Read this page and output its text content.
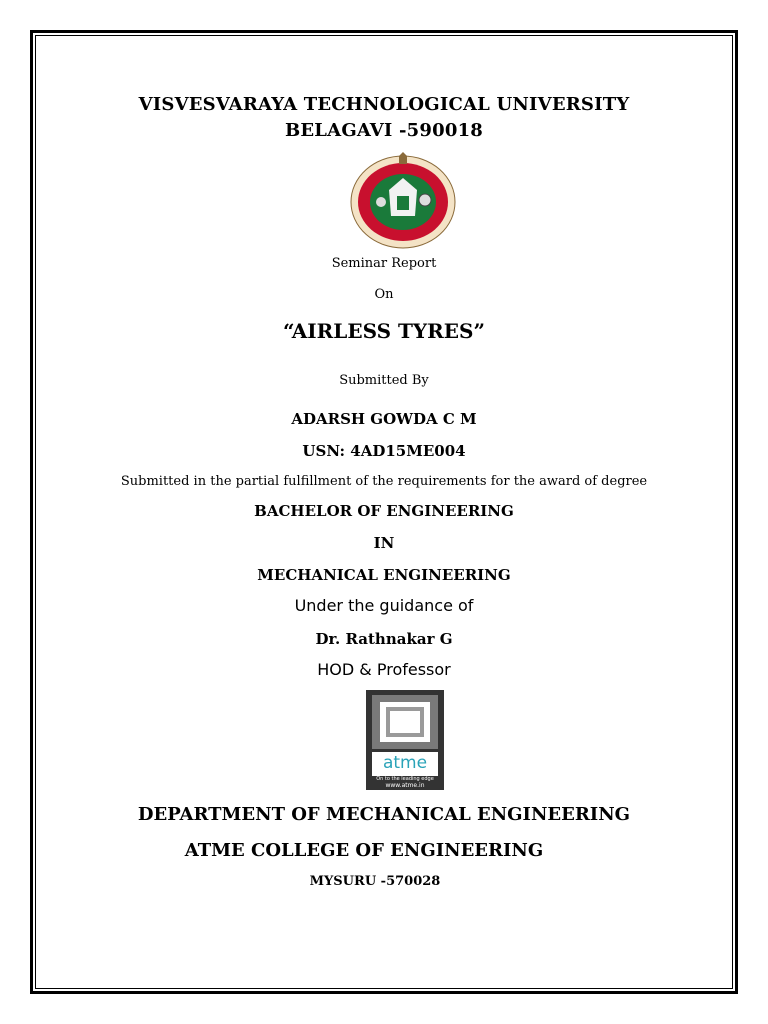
VISVESVARAYA TECHNOLOGICAL UNIVERSITY
BELAGAVI -590018
Seminar Report
On
“AIRLESS TYRES”
Submitted By
ADARSH GOWDA C M
USN: 4AD15ME004
Submitted in the partial fulfillment of the requirements for the award of degree
BACHELOR OF ENGINEERING
IN
MECHANICAL ENGINEERING
Under the guidance of
Dr. Rathnakar G
HOD & Professor
atme
On to the leading edge
www.atme.in
DEPARTMENT OF MECHANICAL ENGINEERING
ATME COLLEGE OF ENGINEERING
MYSURU -570028
